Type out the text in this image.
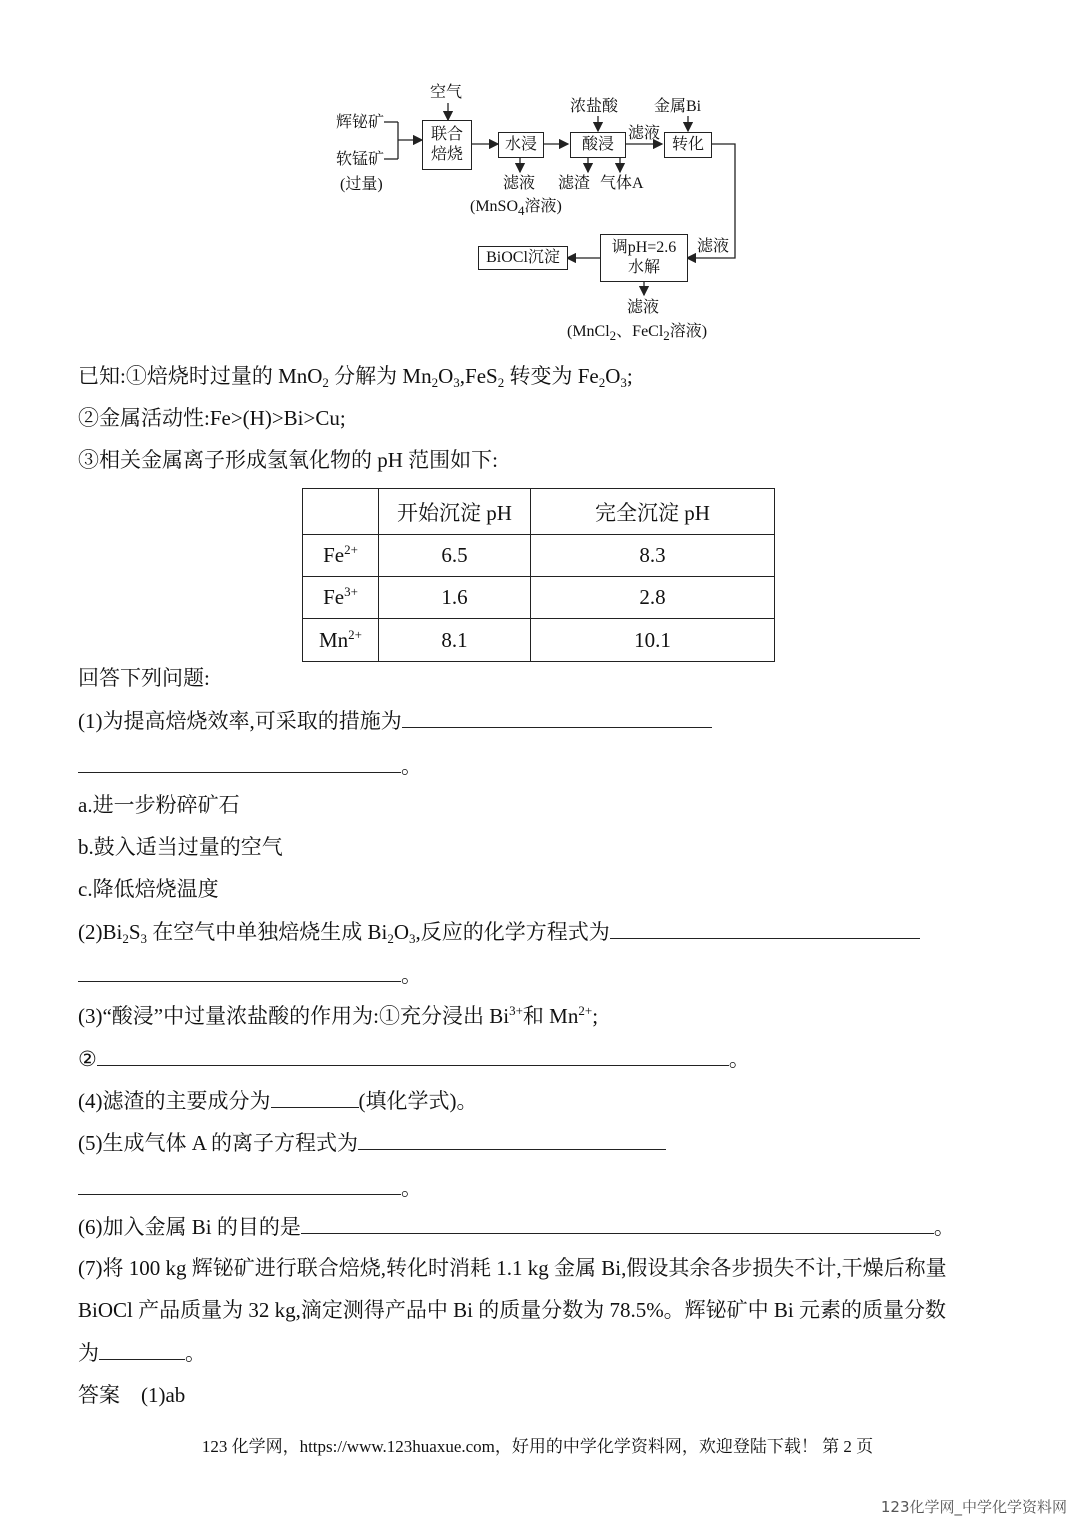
空气
辉铋矿
软锰矿
(过量)
联合
焙烧
水浸
滤液
(MnSO$_4$溶液)
浓盐酸
酸浸
滤渣 气体A
滤液
金属Bi
转化
滤液
调pH=2.6
水解
BiOCl沉淀
滤液
(MnCl$_2$、FeCl$_2$溶液)
已知:①焙烧时过量的 MnO$_2$ 分解为 $Mn_2O_3,FeS_2$ 转变为 $Fe_2O_3$;
②金属活动性:Fe>(H)>Bi>Cu;
③相关金属离子形成氢氧化物的 pH 范围如下:
	开始沉淀 pH	完全沉淀 pH
$Fe^{2+}$	6.5	8.3
$Fe^{3+}$	1.6	2.8
$Mn^{2+}$	8.1	10.1
回答下列问题:
(1)为提高焙烧效率,可采取的措施为
。
a.进一步粉碎矿石
b.鼓入适当过量的空气
c.降低焙烧温度
$(2)Bi_2S_3$ 在空气中单独焙烧生成 $Bi_2O_3$,反应的化学方程式为
。
(3)“酸浸”中过量浓盐酸的作用为:①充分浸出 $Bi^{3+}$和 $Mn^{2+}$;
②	。
(4)滤渣的主要成分为	(填化学式)。
(5)生成气体 A 的离子方程式为
。
(6)加入金属 Bi 的目的是	。
(7)将 100 kg 辉铋矿进行联合焙烧,转化时消耗 1.1 kg 金属 Bi,假设其余各步损失不计,干燥后称量
BiOCl 产品质量为 32 kg,滴定测得产品中 Bi 的质量分数为 78.5%。辉铋矿中 Bi 元素的质量分数
为	。
答案　(1)ab
123 化学网，https://www.123huaxue.com，好用的中学化学资料网，欢迎登陆下载！ 第 2 页
123化学网_中学化学资料网
